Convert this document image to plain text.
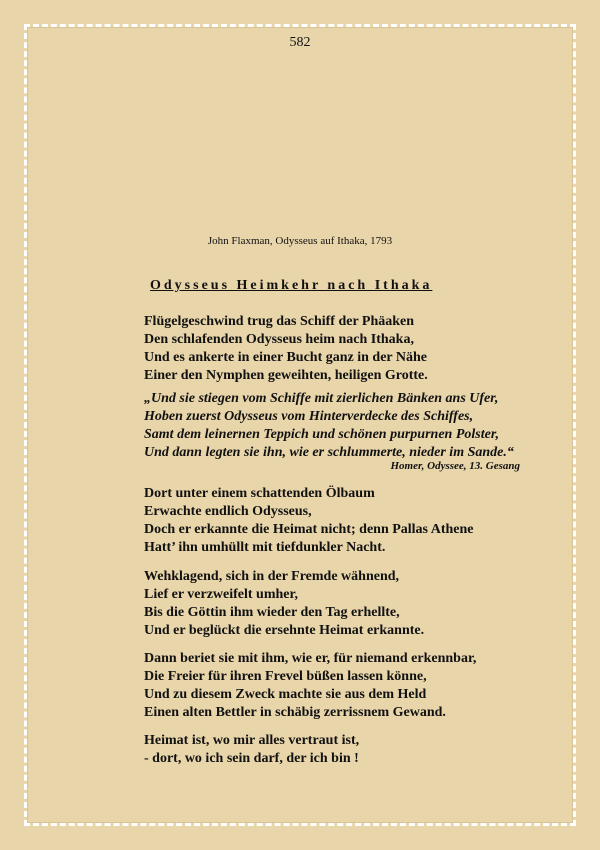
582
John Flaxman, Odysseus auf Ithaka, 1793
Odysseus Heimkehr nach Ithaka
Flügelgeschwind trug das Schiff der Phäaken
Den schlafenden Odysseus heim nach Ithaka,
Und es ankerte in einer Bucht ganz in der Nähe
Einer den Nymphen geweihten, heiligen Grotte.
„Und sie stiegen vom Schiffe mit zierlichen Bänken ans Ufer,
Hoben zuerst Odysseus vom Hinterverdecke des Schiffes,
Samt dem leinernen Teppich und schönen purpurnen Polster,
Und dann legten sie ihn, wie er schlummerte, nieder im Sande.“
Homer, Odyssee, 13. Gesang
Dort unter einem schattenden Ölbaum
Erwachte endlich Odysseus,
Doch er erkannte die Heimat nicht; denn Pallas Athene
Hatt’ ihn umhüllt mit tiefdunkler Nacht.
Wehklagend, sich in der Fremde wähnend,
Lief er verzweifelt umher,
Bis die Göttin ihm wieder den Tag erhellte,
Und er beglückt die ersehnte Heimat erkannte.
Dann beriet sie mit ihm, wie er, für niemand erkennbar,
Die Freier für ihren Frevel büßen lassen könne,
Und zu diesem Zweck machte sie aus dem Held
Einen alten Bettler in schäbig zerrissnem Gewand.
Heimat ist, wo mir alles vertraut ist,
- dort, wo ich sein darf, der ich bin !
